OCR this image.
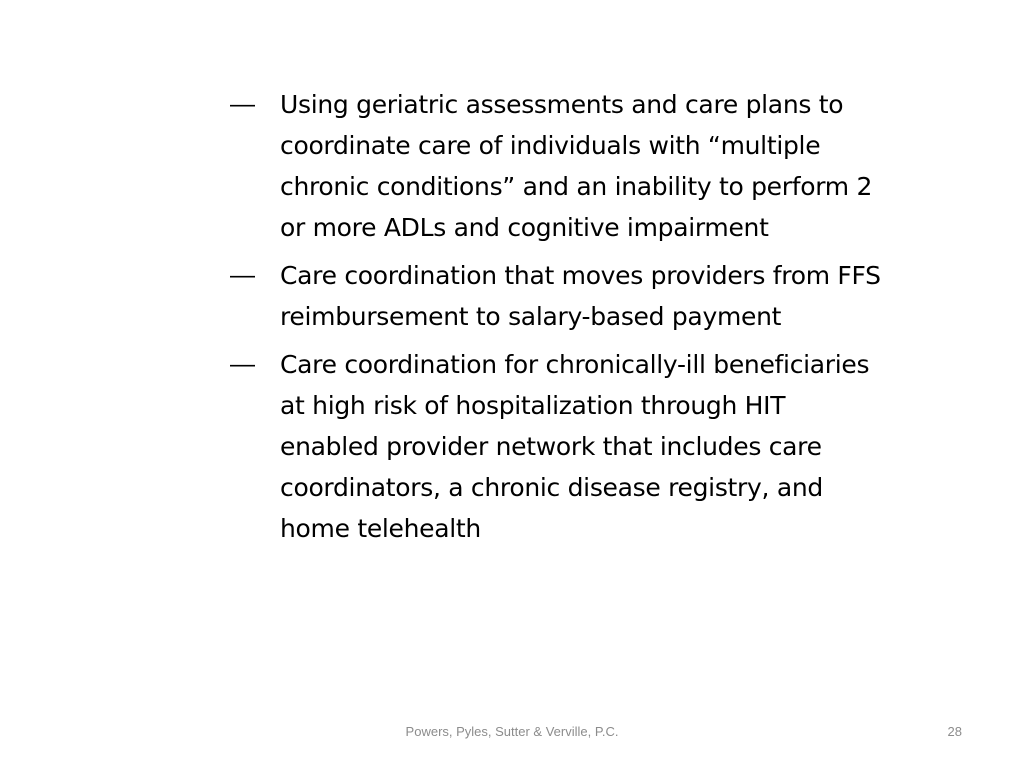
—	Using geriatric assessments and care plans to coordinate care of individuals with “multiple chronic conditions” and an inability to perform 2 or more ADLs and cognitive impairment
—	Care coordination that moves providers from FFS reimbursement to salary-based payment
—	Care coordination for chronically-ill beneficiaries at high risk of hospitalization through HIT enabled provider network that includes care coordinators, a chronic disease registry, and home telehealth
Powers, Pyles, Sutter & Verville, P.C.	28
